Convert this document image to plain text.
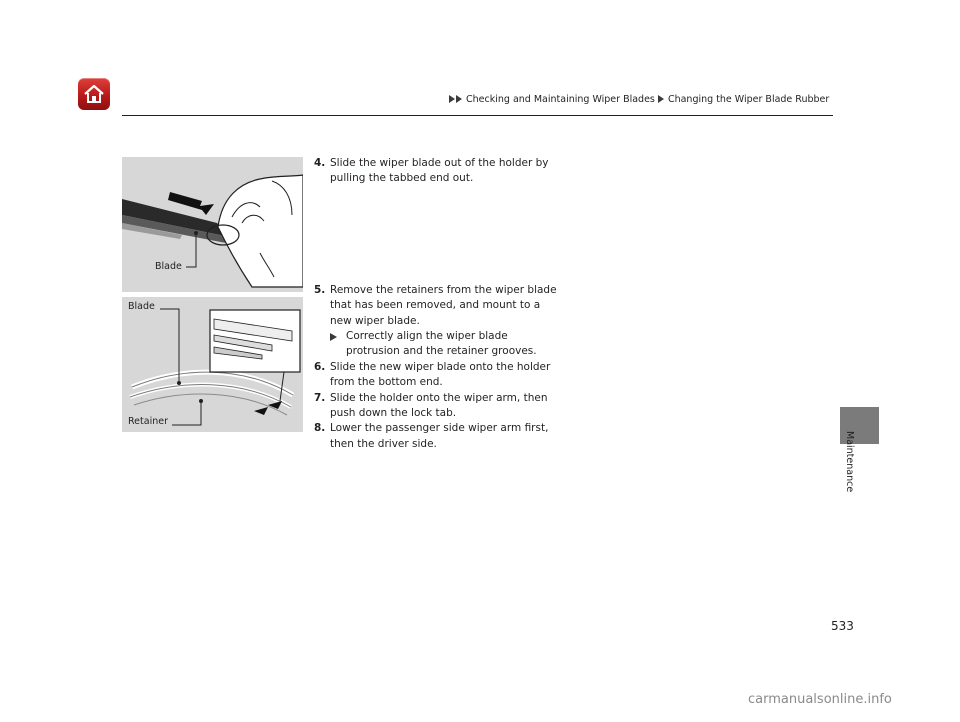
Checking and Maintaining Wiper Blades Changing the Wiper Blade Rubber
Maintenance
Blade
Blade
Retainer
4. Slide the wiper blade out of the holder by pulling the tabbed end out.
5. Remove the retainers from the wiper blade that has been removed, and mount to a new wiper blade.
Correctly align the wiper blade protrusion and the retainer grooves.
6. Slide the new wiper blade onto the holder from the bottom end.
7. Slide the holder onto the wiper arm, then push down the lock tab.
8. Lower the passenger side wiper arm first, then the driver side.
533
carmanualsonline.info
